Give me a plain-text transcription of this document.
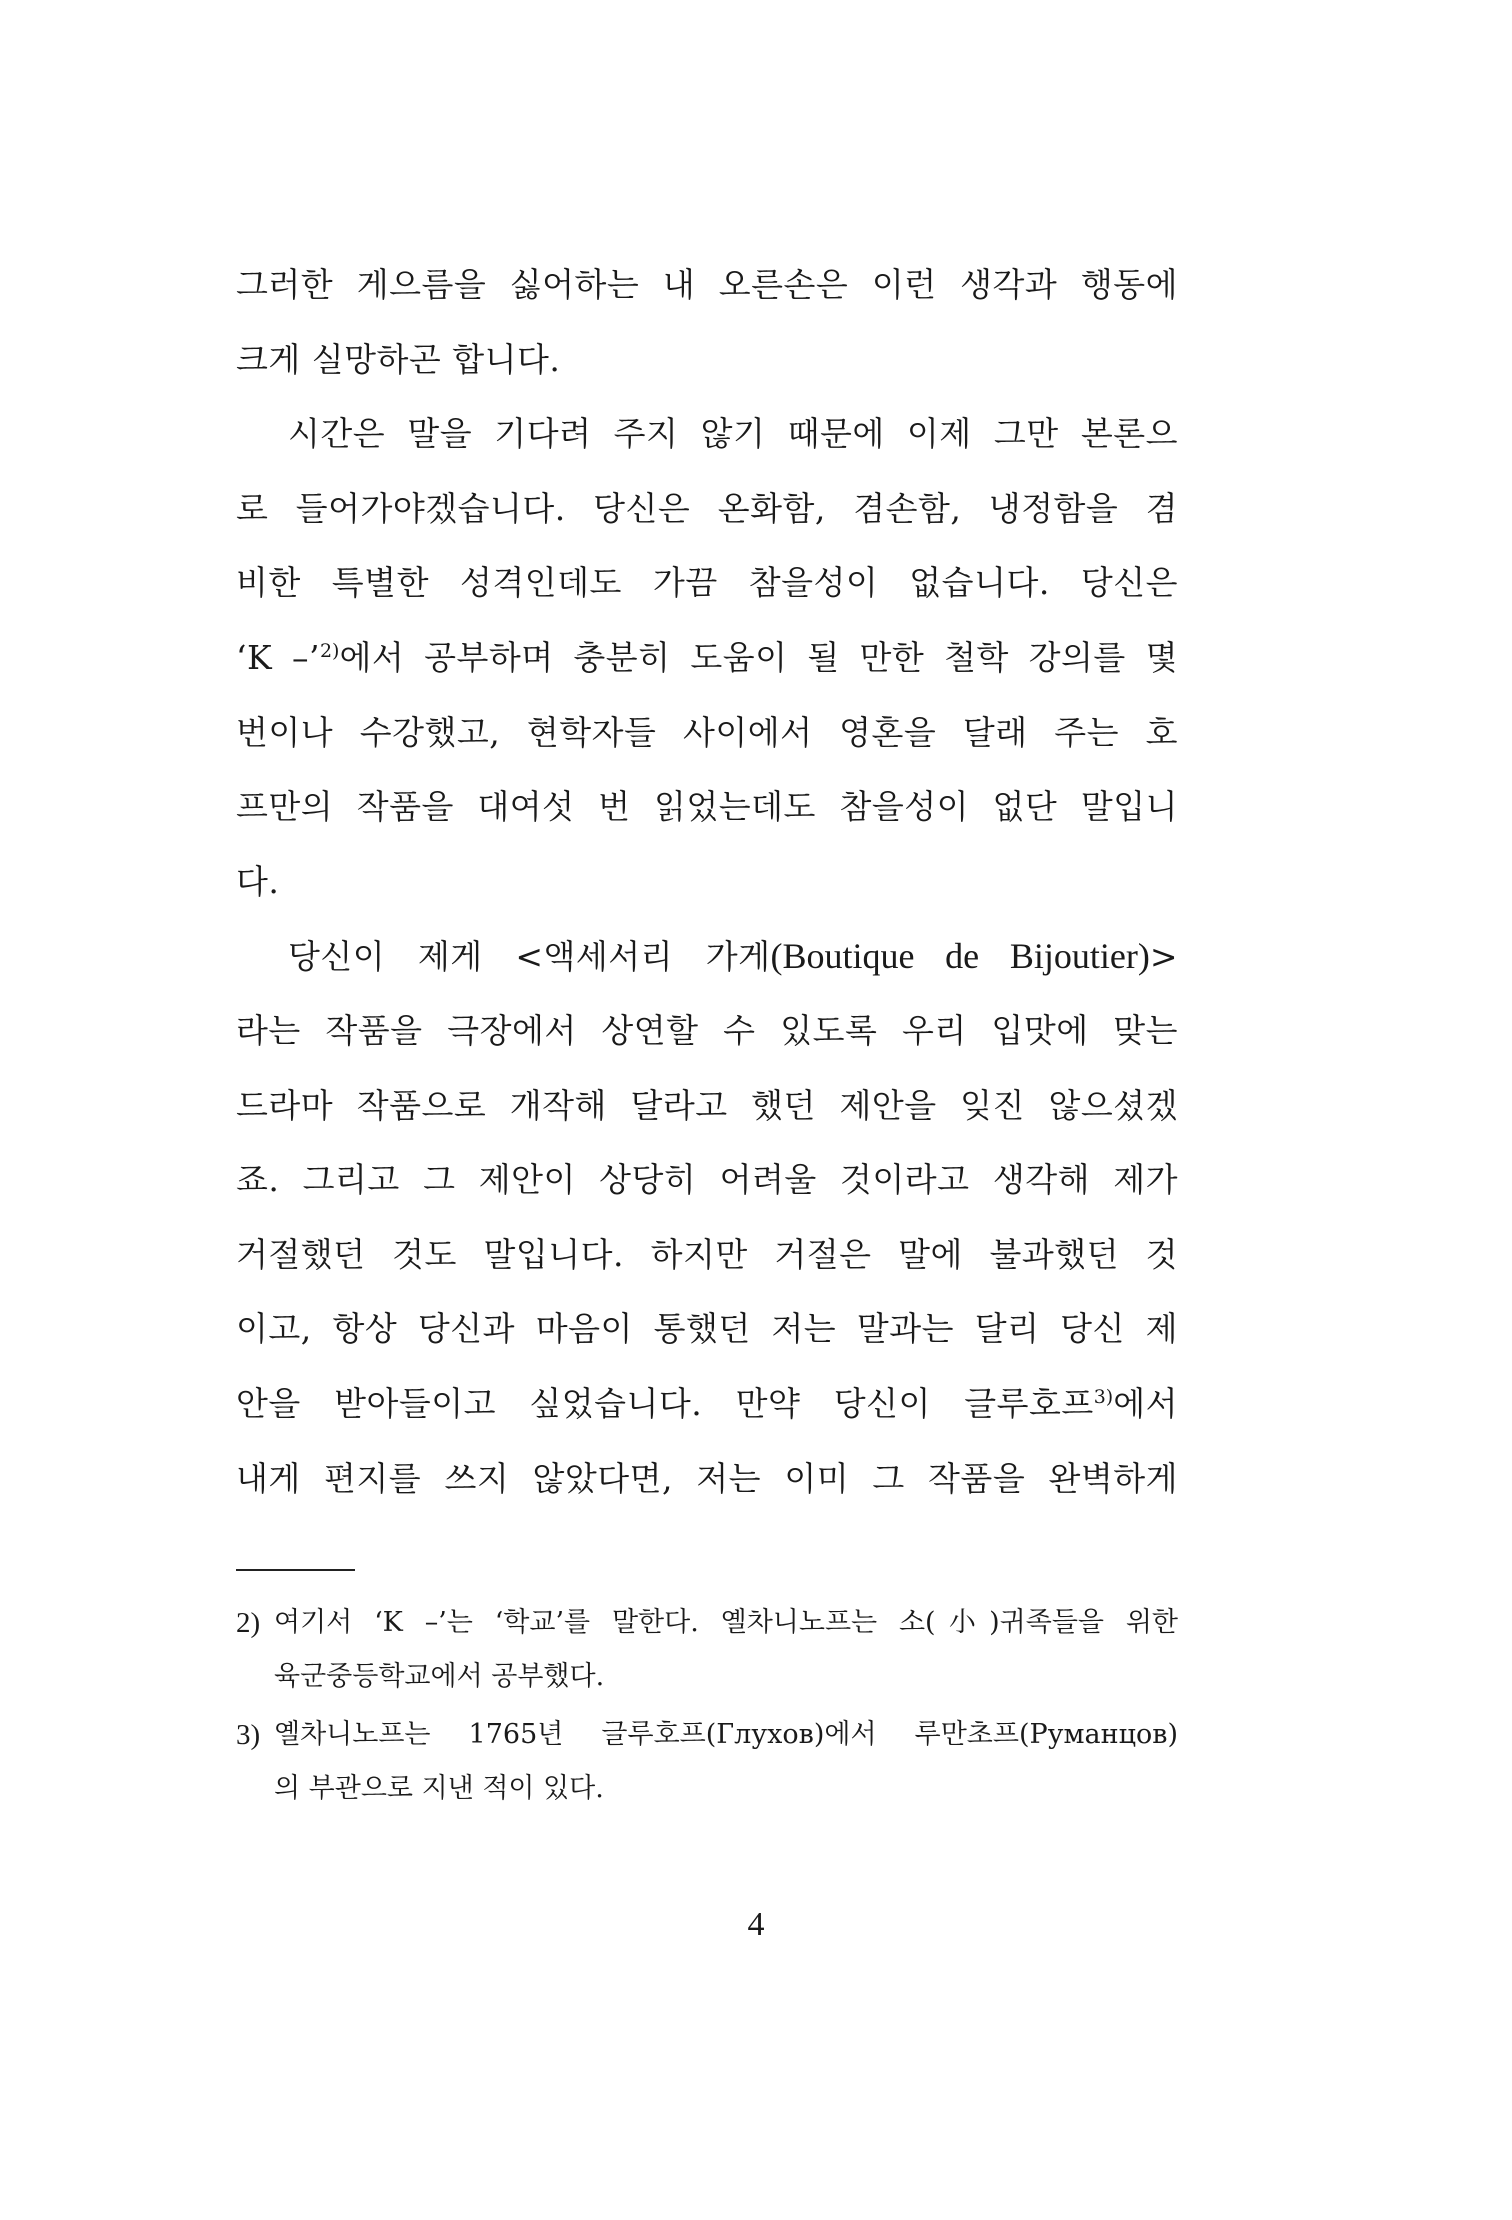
그러한 게으름을 싫어하는 내 오른손은 이런 생각과 행동에
크게 실망하곤 합니다.
시간은 말을 기다려 주지 않기 때문에 이제 그만 본론으
로 들어가야겠습니다. 당신은 온화함, 겸손함, 냉정함을 겸
비한 특별한 성격인데도 가끔 참을성이 없습니다. 당신은
‘K –’$^{2)}$에서 공부하며 충분히 도움이 될 만한 철학 강의를 몇
번이나 수강했고, 현학자들 사이에서 영혼을 달래 주는 호
프만의 작품을 대여섯 번 읽었는데도 참을성이 없단 말입니
다.
당신이 제게 <액세서리 가게(Boutique de Bijoutier)>
라는 작품을 극장에서 상연할 수 있도록 우리 입맛에 맞는
드라마 작품으로 개작해 달라고 했던 제안을 잊진 않으셨겠
죠. 그리고 그 제안이 상당히 어려울 것이라고 생각해 제가
거절했던 것도 말입니다. 하지만 거절은 말에 불과했던 것
이고, 항상 당신과 마음이 통했던 저는 말과는 달리 당신 제
안을 받아들이고 싶었습니다. 만약 당신이 글루호프$^{3)}$에서
내게 편지를 쓰지 않았다면, 저는 이미 그 작품을 완벽하게
2) 여기서 ‘K –’는 ‘학교’를 말한다. 옐차니노프는 소(小)귀족들을 위한
육군중등학교에서 공부했다.
3) 옐차니노프는 1765년 글루호프(Глухов)에서 루만초프(Руманцов)
의 부관으로 지낸 적이 있다.
4
